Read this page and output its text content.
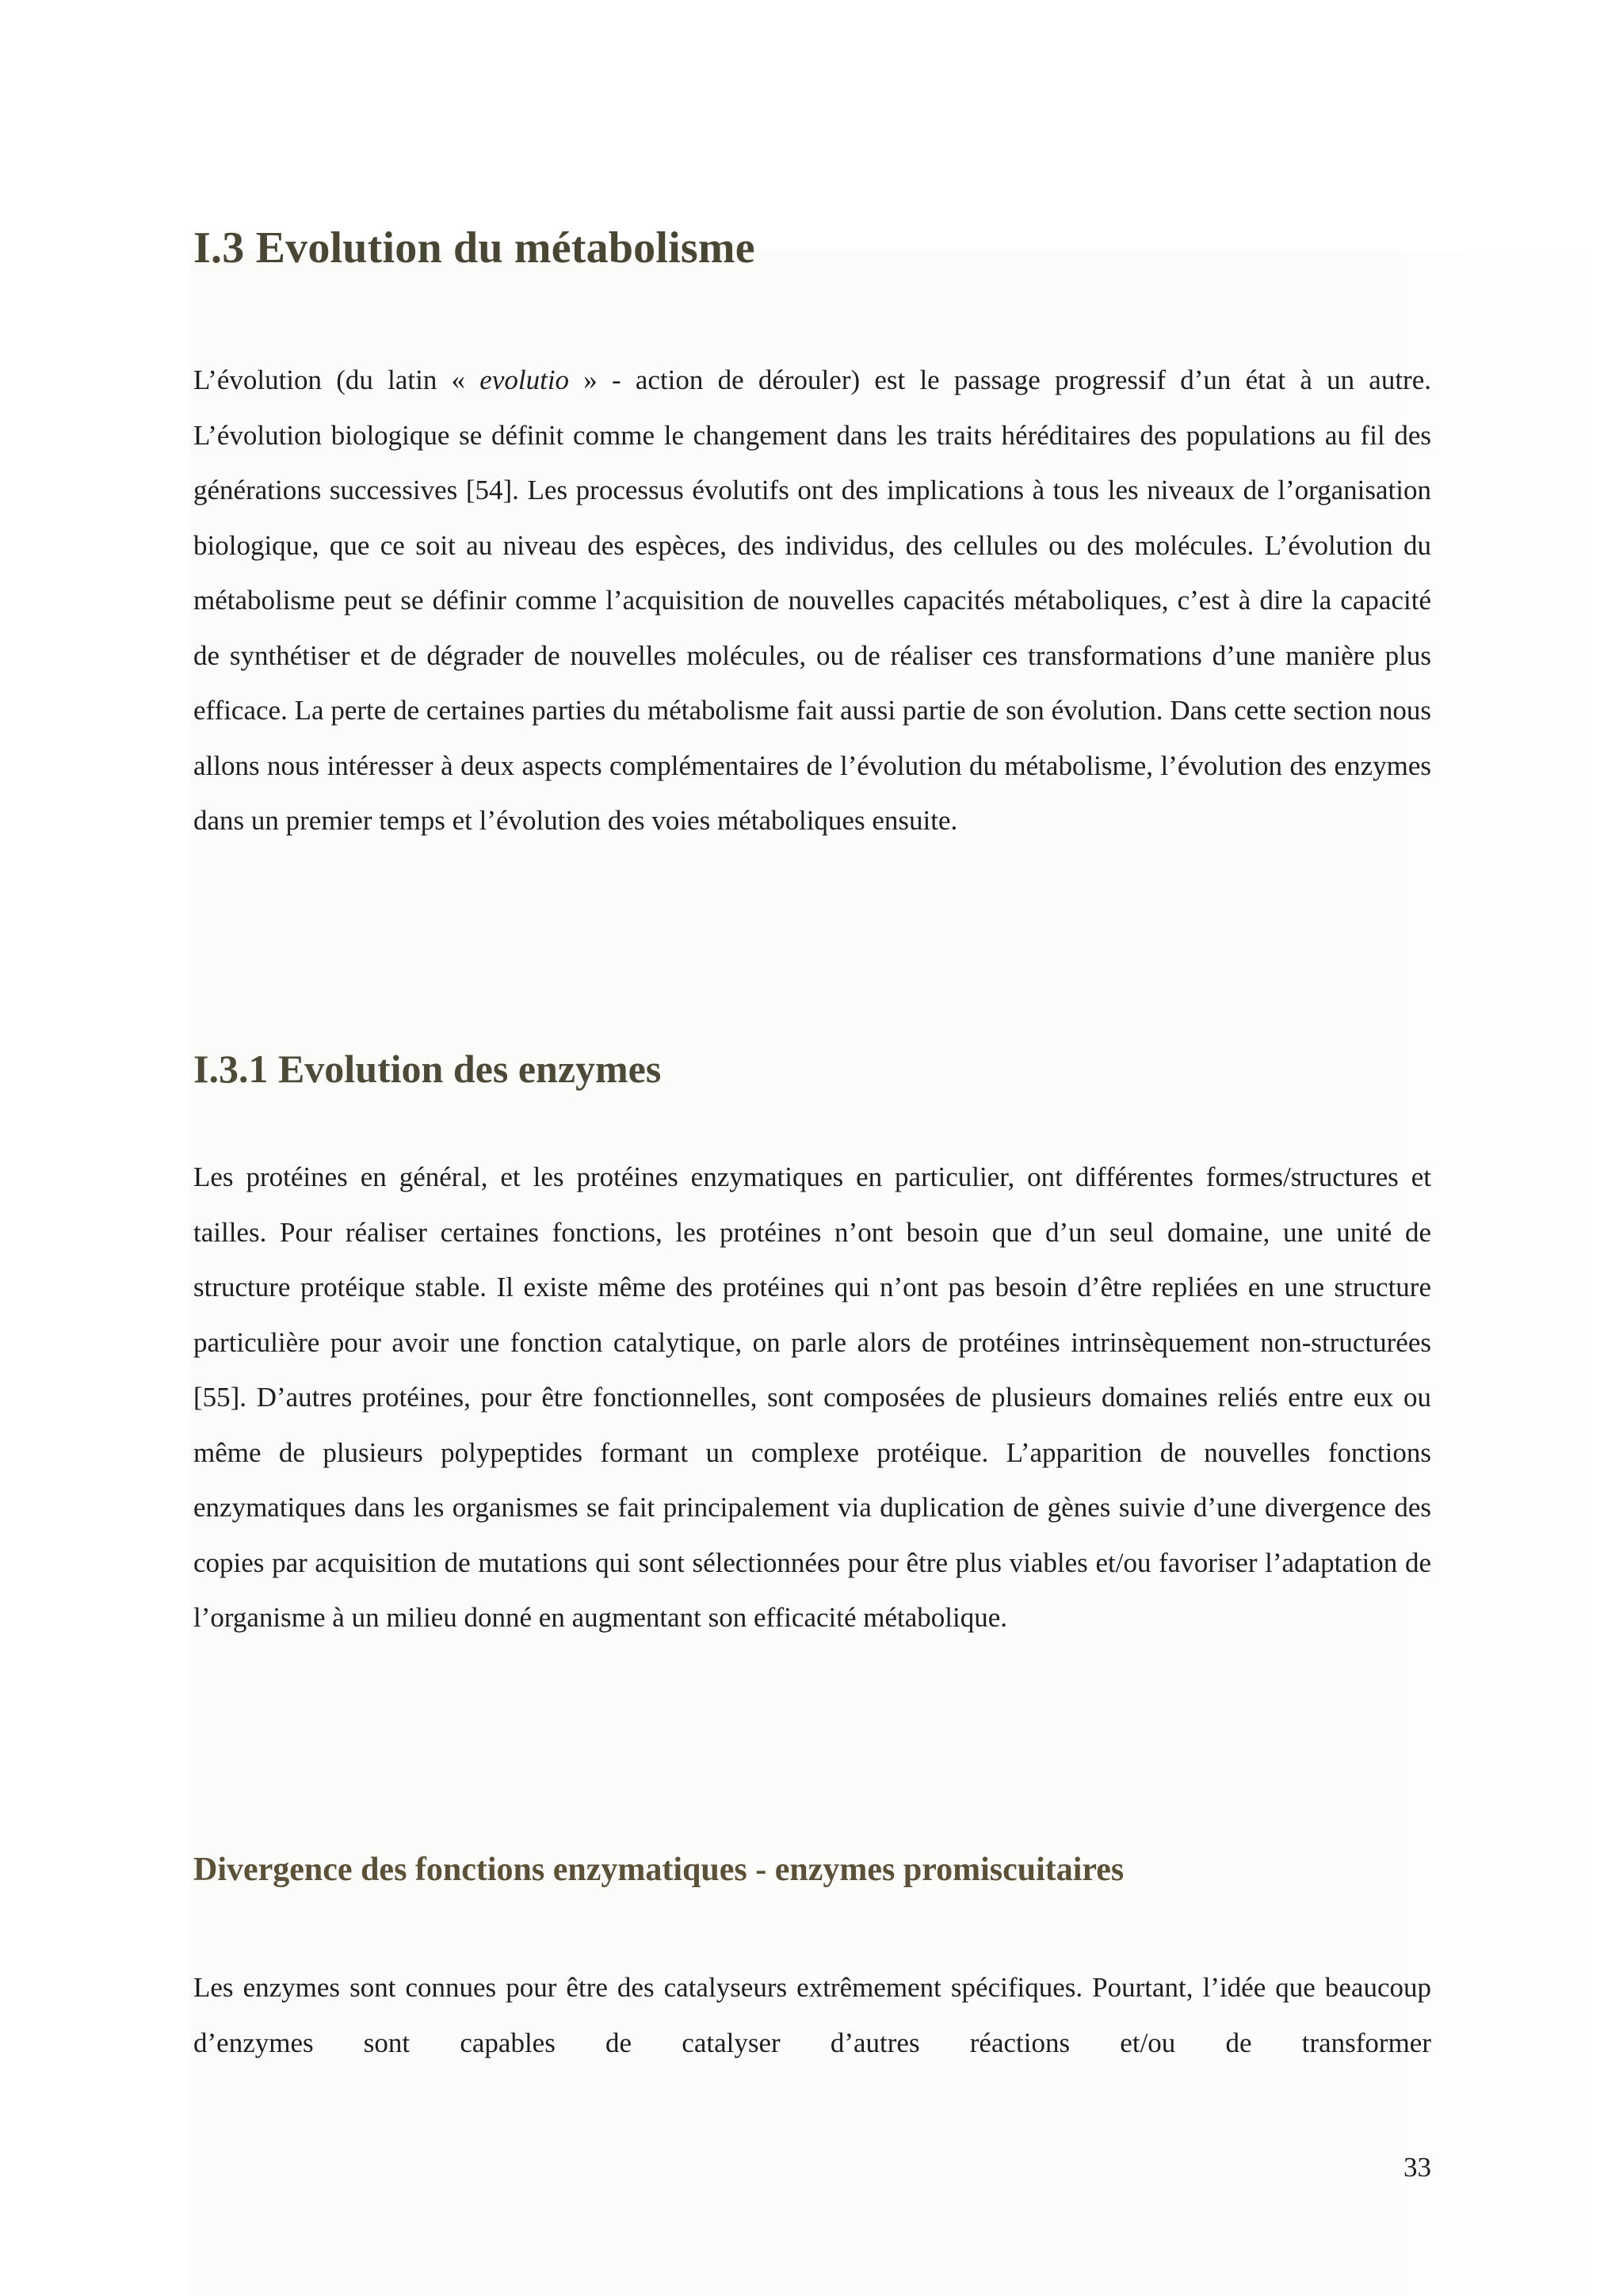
I.3 Evolution du métabolisme

L’évolution (du latin « evolutio » - action de dérouler) est le passage progressif d’un état à un autre. L’évolution biologique se définit comme le changement dans les traits héréditaires des populations au fil des générations successives [54]. Les processus évolutifs ont des implications à tous les niveaux de l’organisation biologique, que ce soit au niveau des espèces, des individus, des cellules ou des molécules. L’évolution du métabolisme peut se définir comme l’acquisition de nouvelles capacités métaboliques, c’est à dire la capacité de synthétiser et de dégrader de nouvelles molécules, ou de réaliser ces transformations d’une manière plus efficace. La perte de certaines parties du métabolisme fait aussi partie de son évolution. Dans cette section nous allons nous intéresser à deux aspects complémentaires de l’évolution du métabolisme, l’évolution des enzymes dans un premier temps et l’évolution des voies métaboliques ensuite.

I.3.1 Evolution des enzymes

Les protéines en général, et les protéines enzymatiques en particulier, ont différentes formes/structures et tailles. Pour réaliser certaines fonctions, les protéines n’ont besoin que d’un seul domaine, une unité de structure protéique stable. Il existe même des protéines qui n’ont pas besoin d’être repliées en une structure particulière pour avoir une fonction catalytique, on parle alors de protéines intrinsèquement non-structurées [55]. D’autres protéines, pour être fonctionnelles, sont composées de plusieurs domaines reliés entre eux ou même de plusieurs polypeptides formant un complexe protéique. L’apparition de nouvelles fonctions enzymatiques dans les organismes se fait principalement via duplication de gènes suivie d’une divergence des copies par acquisition de mutations qui sont sélectionnées pour être plus viables et/ou favoriser l’adaptation de l’organisme à un milieu donné en augmentant son efficacité métabolique.

Divergence des fonctions enzymatiques - enzymes promiscuitaires

Les enzymes sont connues pour être des catalyseurs extrêmement spécifiques. Pourtant, l’idée que beaucoup d’enzymes sont capables de catalyser d’autres réactions et/ou de transformer

33
